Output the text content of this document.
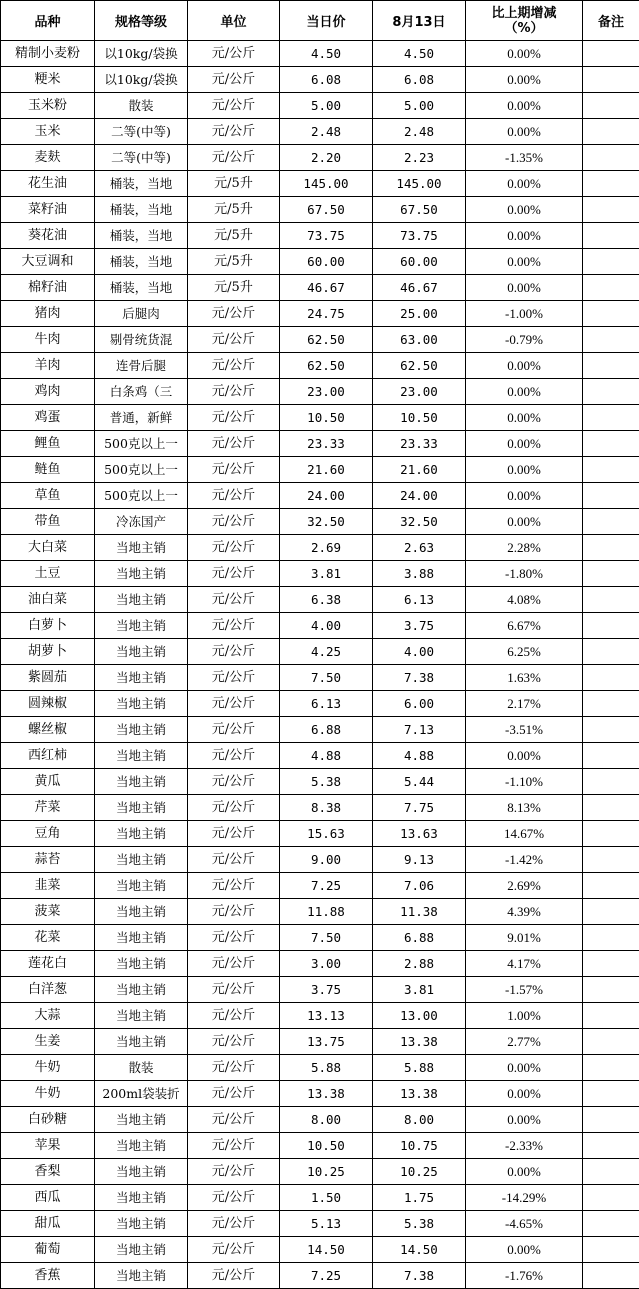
品种	规格等级	单位	当日价	8月13日	比上期增减
（%）	备注
精制小麦粉	以10kg/袋换	元/公斤	4.50	4.50	0.00%	
粳米	以10kg/袋换	元/公斤	6.08	6.08	0.00%	
玉米粉	散装	元/公斤	5.00	5.00	0.00%	
玉米	二等(中等)	元/公斤	2.48	2.48	0.00%	
麦麸	二等(中等)	元/公斤	2.20	2.23	-1.35%	
花生油	桶装，当地	元/5升	145.00	145.00	0.00%	
菜籽油	桶装，当地	元/5升	67.50	67.50	0.00%	
葵花油	桶装，当地	元/5升	73.75	73.75	0.00%	
大豆调和	桶装，当地	元/5升	60.00	60.00	0.00%	
棉籽油	桶装，当地	元/5升	46.67	46.67	0.00%	
猪肉	后腿肉	元/公斤	24.75	25.00	-1.00%	
牛肉	剔骨统货混	元/公斤	62.50	63.00	-0.79%	
羊肉	连骨后腿	元/公斤	62.50	62.50	0.00%	
鸡肉	白条鸡（三	元/公斤	23.00	23.00	0.00%	
鸡蛋	普通，新鲜	元/公斤	10.50	10.50	0.00%	
鲤鱼	500克以上一	元/公斤	23.33	23.33	0.00%	
鲢鱼	500克以上一	元/公斤	21.60	21.60	0.00%	
草鱼	500克以上一	元/公斤	24.00	24.00	0.00%	
带鱼	冷冻国产	元/公斤	32.50	32.50	0.00%	
大白菜	当地主销	元/公斤	2.69	2.63	2.28%	
土豆	当地主销	元/公斤	3.81	3.88	-1.80%	
油白菜	当地主销	元/公斤	6.38	6.13	4.08%	
白萝卜	当地主销	元/公斤	4.00	3.75	6.67%	
胡萝卜	当地主销	元/公斤	4.25	4.00	6.25%	
紫圆茄	当地主销	元/公斤	7.50	7.38	1.63%	
圆辣椒	当地主销	元/公斤	6.13	6.00	2.17%	
螺丝椒	当地主销	元/公斤	6.88	7.13	-3.51%	
西红柿	当地主销	元/公斤	4.88	4.88	0.00%	
黄瓜	当地主销	元/公斤	5.38	5.44	-1.10%	
芹菜	当地主销	元/公斤	8.38	7.75	8.13%	
豆角	当地主销	元/公斤	15.63	13.63	14.67%	
蒜苔	当地主销	元/公斤	9.00	9.13	-1.42%	
韭菜	当地主销	元/公斤	7.25	7.06	2.69%	
菠菜	当地主销	元/公斤	11.88	11.38	4.39%	
花菜	当地主销	元/公斤	7.50	6.88	9.01%	
莲花白	当地主销	元/公斤	3.00	2.88	4.17%	
白洋葱	当地主销	元/公斤	3.75	3.81	-1.57%	
大蒜	当地主销	元/公斤	13.13	13.00	1.00%	
生姜	当地主销	元/公斤	13.75	13.38	2.77%	
牛奶	散装	元/公斤	5.88	5.88	0.00%	
牛奶	200ml袋装折	元/公斤	13.38	13.38	0.00%	
白砂糖	当地主销	元/公斤	8.00	8.00	0.00%	
苹果	当地主销	元/公斤	10.50	10.75	-2.33%	
香梨	当地主销	元/公斤	10.25	10.25	0.00%	
西瓜	当地主销	元/公斤	1.50	1.75	-14.29%	
甜瓜	当地主销	元/公斤	5.13	5.38	-4.65%	
葡萄	当地主销	元/公斤	14.50	14.50	0.00%	
香蕉	当地主销	元/公斤	7.25	7.38	-1.76%	
